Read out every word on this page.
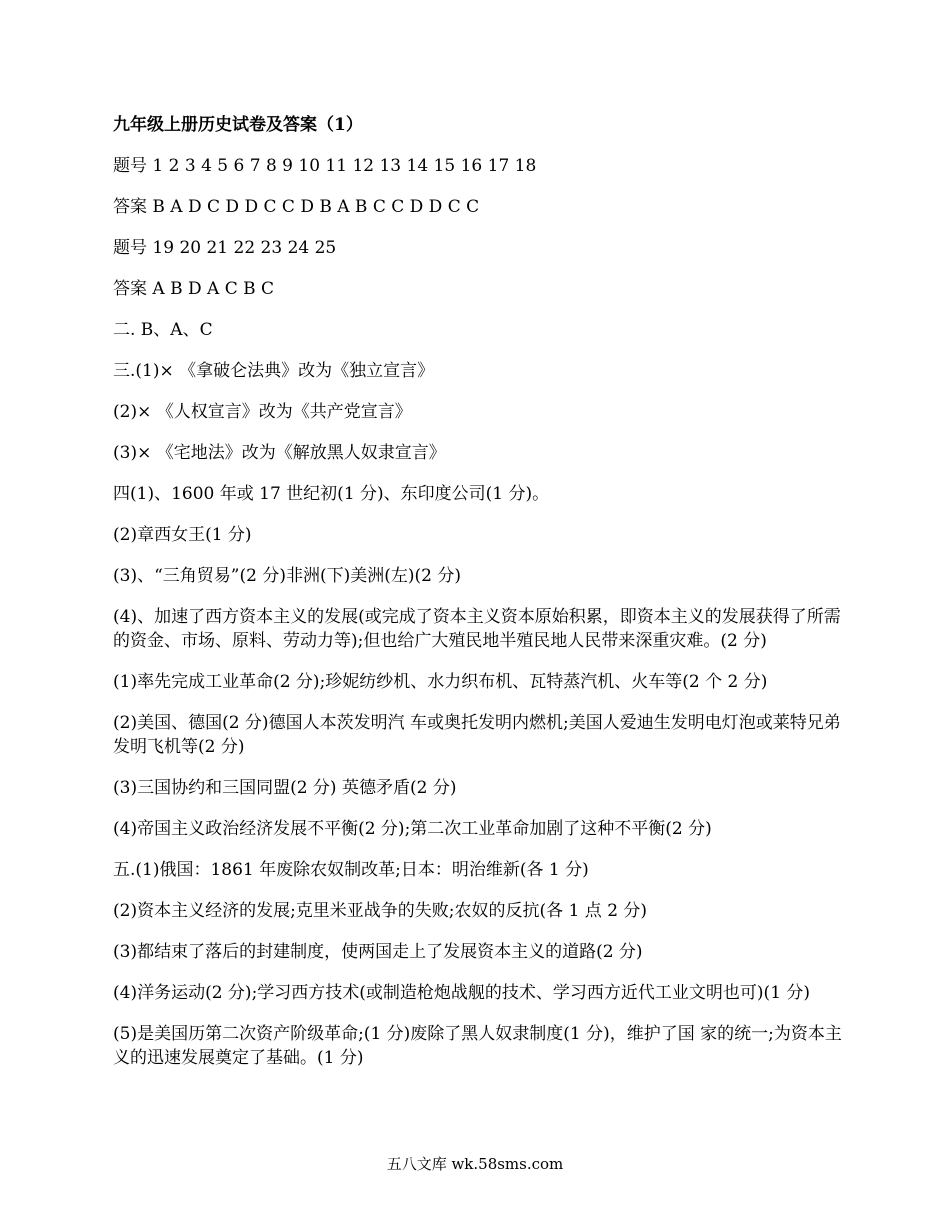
九年级上册历史试卷及答案（1）
题号 1 2 3 4 5 6 7 8 9 10 11 12 13 14 15 16 17 18
答案 B A D C D D C C D B A B C C D D C C
题号 19 20 21 22 23 24 25
答案 A B D A C B C
二. B、A、C
三.(1)× 《拿破仑法典》改为《独立宣言》
(2)× 《人权宣言》改为《共产党宣言》
(3)× 《宅地法》改为《解放黑人奴隶宣言》
四(1)、1600 年或 17 世纪初(1 分)、东印度公司(1 分)。
(2)章西女王(1 分)
(3)、“三角贸易”(2 分)非洲(下)美洲(左)(2 分)
(4)、加速了西方资本主义的发展(或完成了资本主义资本原始积累，即资本主义的发展获得了所需的资金、市场、原料、劳动力等);但也给广大殖民地半殖民地人民带来深重灾难。(2 分)
(1)率先完成工业革命(2 分);珍妮纺纱机、水力织布机、瓦特蒸汽机、火车等(2 个 2 分)
(2)美国、德国(2 分)德国人本茨发明汽 车或奥托发明内燃机;美国人爱迪生发明电灯泡或莱特兄弟发明飞机等(2 分)
(3)三国协约和三国同盟(2 分) 英德矛盾(2 分)
(4)帝国主义政治经济发展不平衡(2 分);第二次工业革命加剧了这种不平衡(2 分)
五.(1)俄国：1861 年废除农奴制改革;日本：明治维新(各 1 分)
(2)资本主义经济的发展;克里米亚战争的失败;农奴的反抗(各 1 点 2 分)
(3)都结束了落后的封建制度，使两国走上了发展资本主义的道路(2 分)
(4)洋务运动(2 分);学习西方技术(或制造枪炮战舰的技术、学习西方近代工业文明也可)(1 分)
(5)是美国历第二次资产阶级革命;(1 分)废除了黑人奴隶制度(1 分)，维护了国 家的统一;为资本主义的迅速发展奠定了基础。(1 分)
五八文库 wk.58sms.com
